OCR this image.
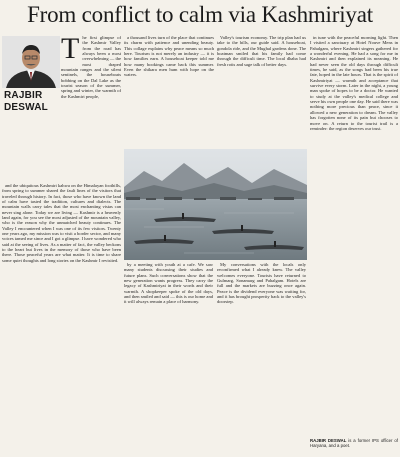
From conflict to calm via Kashmiriyat
RAJBIR DESWAL
The first glimpse of the Kashmir Valley from the road has always been a most overwhelming — the most draped mountain ranges and the silent sentinels, the houseboats bobbing on the Dal Lake as the tourist season of the summer, spring and winter, the warmth of the Kashmiri people,

and the ubiquitous Kashmiri kahwa on the Himalayan foothills, from spring to summer shared the fault lines of the visitors that traveled through history. In fact, those who have known the land of calm have tasted the tradition, cultures and dialects. The mountain walls carry tales that the most enchanting vistas can never sing alone. Today we are living — Kashmir is a heavenly land again, for you see the most adjusted of the mountain valley, who is the reason why the unmatched beauty continues. The Valley I encountered when I was one of its few visitors. Twenty one years ago, my mission was to visit a border sector, and many voices tamed me since and I got a glimpse. I have wondered who said at the seeing of lives. As a matter of fact, the valley beckons to the heart but lives in the memory of those who have been there. Those peaceful years are what matter. It is time to share some quiet thoughts and long stories on the Kashmir I revisited.

a thousand lives turn of the place that continues its charm with patience and unending beauty. This collage explains why peace means so much here. Tourism is not merely an industry — it is how families earn. A houseboat keeper told me how many bookings came back this summer. Even the shikara men hum with hope on the waters.

Valley's tourism economy. The trip plan had us take to the hills, our guide said. A houseboat, gondola ride, and the Mughal gardens done. The boatman smiled that his family had come through the difficult time. The local dhaba had fresh rotis and sage talk of better days.

by a meeting with youth at a cafe. We saw many students discussing their studies and future plans. Such conversations show that the new generation wants progress. They carry the legacy of Kashmiriyat in their words and their warmth. A shopkeeper spoke of the old days, and then smiled and said — this is our home and it will always remain a place of harmony.

My conversations with the locals only reconfirmed what I already knew. The valley welcomes everyone. Tourists have returned to Gulmarg, Sonamarg and Pahalgam. Hotels are full and the markets are buzzing once again. Peace is the dividend everyone was waiting for, and it has brought prosperity back to the valley's doorstep.

in tune with the peaceful morning light. Then I visited a sanctuary at Hotel Nouve Mens in Pahalgam, where Kashmiri singers gathered for a wonderful evening. He had a song for me in Kashmiri and then explained its meaning. He had never seen the old days through difficult times, he said, as the songs had been his true fate, hoped in the late hours. That is the spirit of Kashmiriyat — warmth and acceptance that survive every storm. Later in the night, a young man spoke of hopes to be a doctor. He wanted to study at the valley's medical college and serve his own people one day. He said there was nothing more precious than peace, since it allowed a new generation to dream. The valley has forgotten none of its pain but chooses to move on. A return to the tourist trail is a reminder: the region deserves our trust.

RAJBIR DESWAL is a former IPS officer of Haryana, and a poet.
